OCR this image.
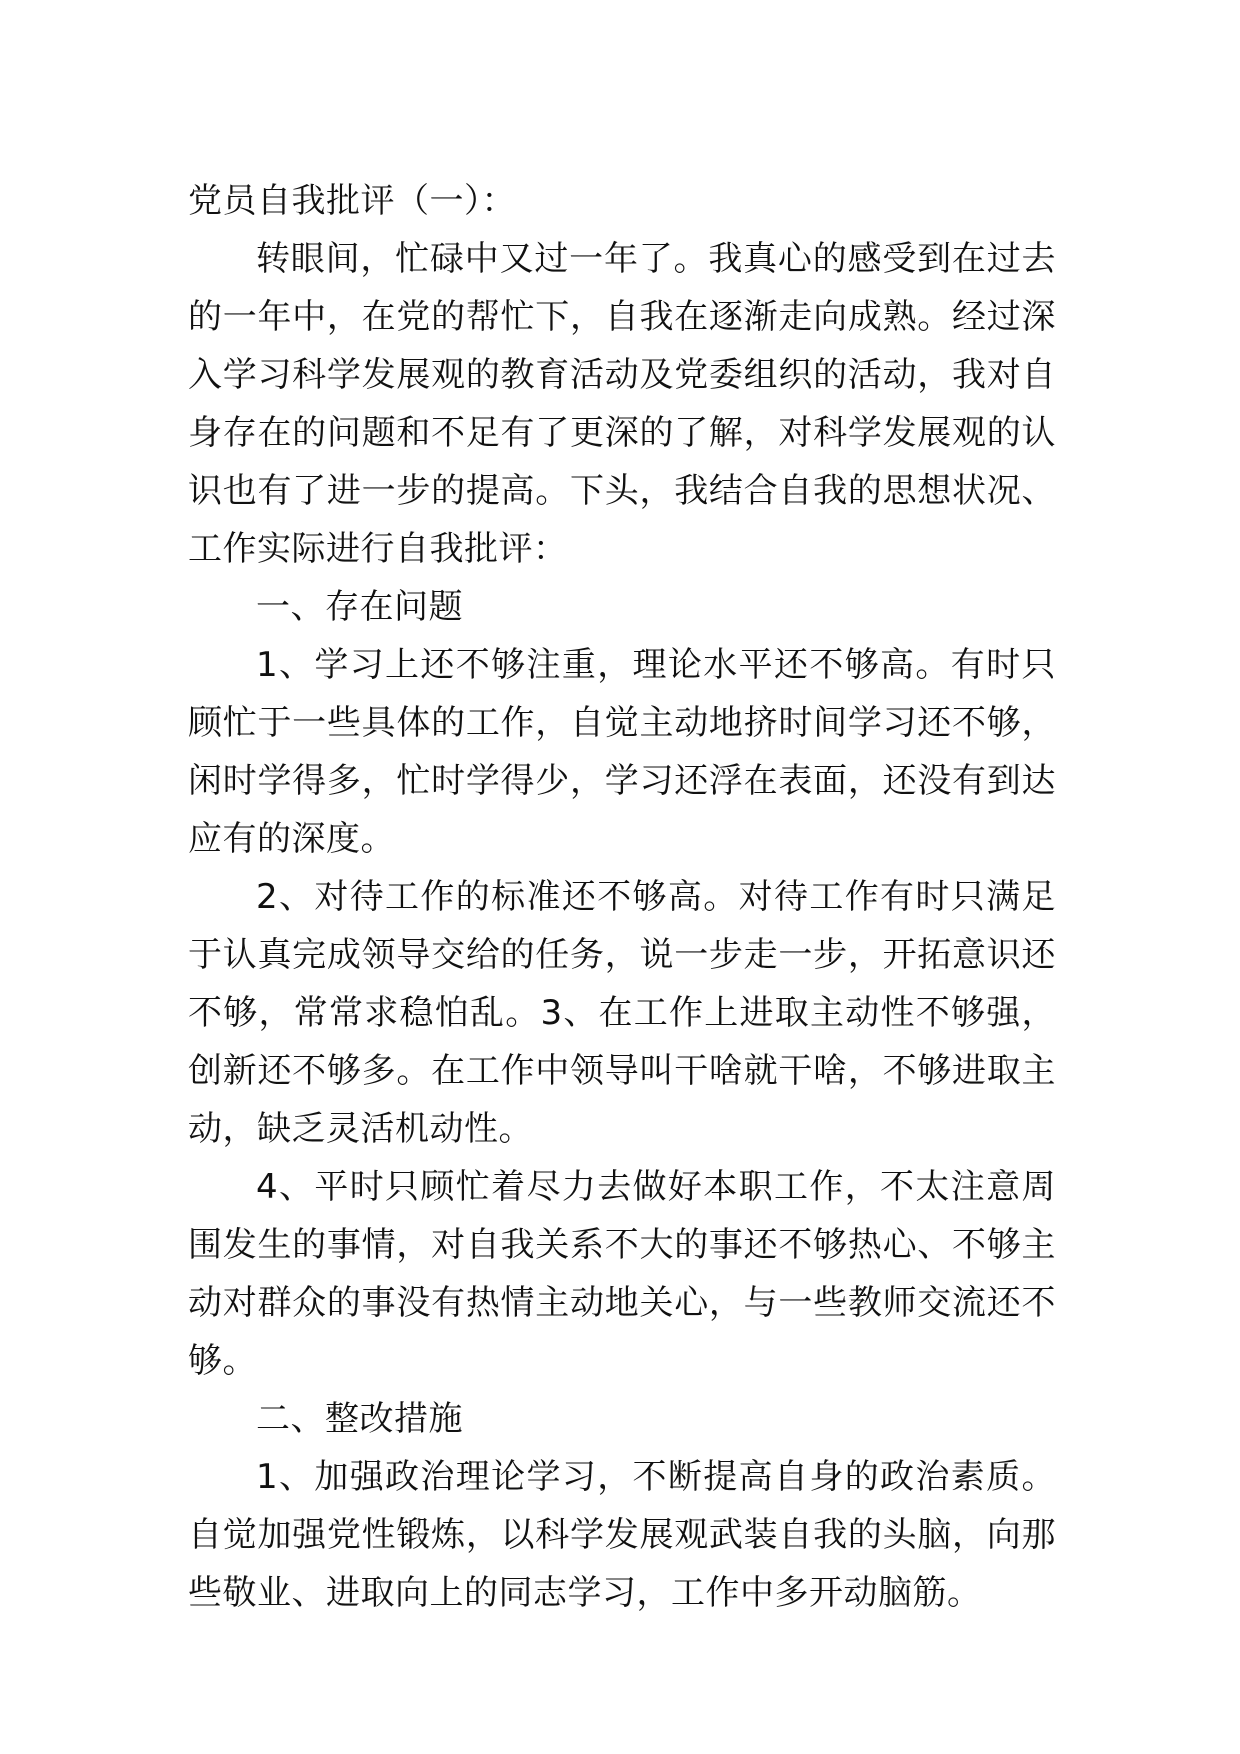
党员自我批评（一）：

转眼间，忙碌中又过一年了。我真心的感受到在过去的一年中，在党的帮忙下，自我在逐渐走向成熟。经过深入学习科学发展观的教育活动及党委组织的活动，我对自身存在的问题和不足有了更深的了解，对科学发展观的认识也有了进一步的提高。下头，我结合自我的思想状况、工作实际进行自我批评：

一、存在问题

1、学习上还不够注重，理论水平还不够高。有时只顾忙于一些具体的工作，自觉主动地挤时间学习还不够，闲时学得多，忙时学得少，学习还浮在表面，还没有到达应有的深度。

2、对待工作的标准还不够高。对待工作有时只满足于认真完成领导交给的任务，说一步走一步，开拓意识还不够，常常求稳怕乱。3、在工作上进取主动性不够强，创新还不够多。在工作中领导叫干啥就干啥，不够进取主动，缺乏灵活机动性。

4、平时只顾忙着尽力去做好本职工作，不太注意周围发生的事情，对自我关系不大的事还不够热心、不够主动对群众的事没有热情主动地关心，与一些教师交流还不够。

二、整改措施

1、加强政治理论学习，不断提高自身的政治素质。自觉加强党性锻炼，以科学发展观武装自我的头脑，向那些敬业、进取向上的同志学习，工作中多开动脑筋。
